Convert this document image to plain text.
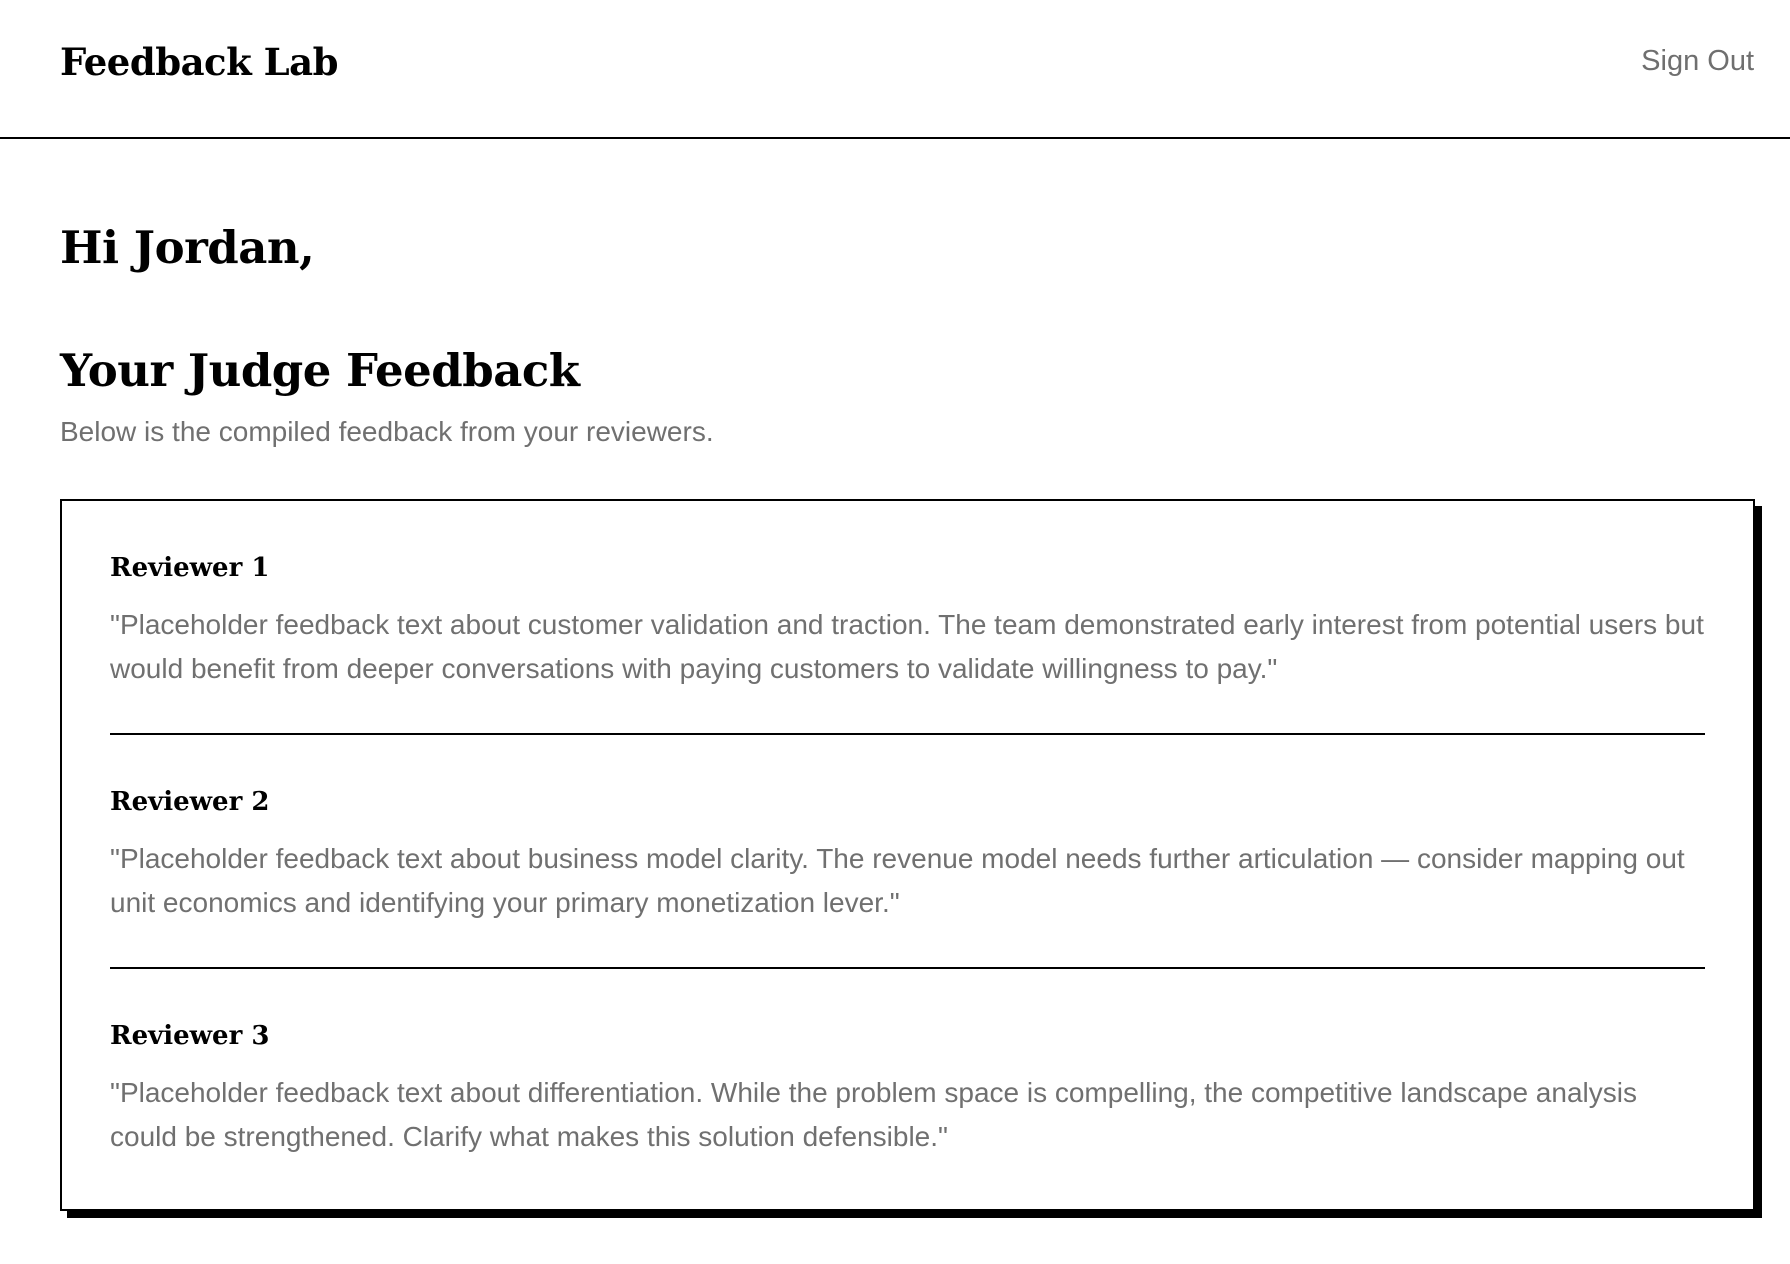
Feedback Lab	Sign Out
Hi Jordan,
Your Judge Feedback

Below is the compiled feedback from your reviewers.

Reviewer 1

"Placeholder feedback text about customer validation and traction. The team demonstrated early interest from potential users but would benefit from deeper conversations with paying customers to validate willingness to pay."

Reviewer 2

"Placeholder feedback text about business model clarity. The revenue model needs further articulation — consider mapping out unit economics and identifying your primary monetization lever."

Reviewer 3

"Placeholder feedback text about differentiation. While the problem space is compelling, the competitive landscape analysis could be strengthened. Clarify what makes this solution defensible."
